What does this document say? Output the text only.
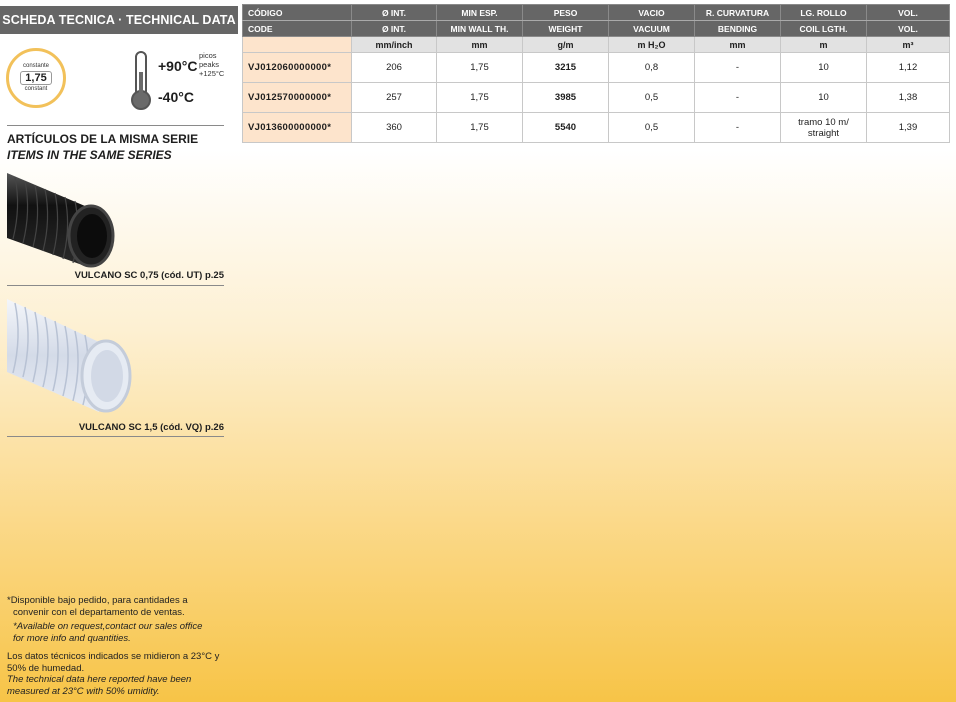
SCHEDA TECNICA · TECHNICAL DATA
constante
1,75
constant
+90°C
-40°C
picos
peaks
+125°C
ARTÍCULOS DE LA MISMA SERIE
ITEMS IN THE SAME SERIES
VULCANO SC 0,75 (cód. UT) p.25
VULCANO SC 1,5 (cód. VQ) p.26
*Disponible bajo pedido, para cantidades a
convenir con el departamento de ventas.
*Available on request,contact our sales office
for more info and quantities.
Los datos técnicos indicados se midieron a 23°C y
50% de humedad.
The technical data here reported have been
measured at 23°C with 50% umidity.
CÓDIGO	Ø INT.	MIN ESP.	PESO	VACIO	R. CURVATURA	LG. ROLLO	VOL.
CODE	Ø INT.	MIN WALL TH.	WEIGHT	VACUUM	BENDING	COIL LGTH.	VOL.
	mm/inch	mm	g/m	m H₂O	mm	m	m³
VJ012060000000*	206	1,75	3215	0,8	-	10	1,12
VJ012570000000*	257	1,75	3985	0,5	-	10	1,38
VJ013600000000*	360	1,75	5540	0,5	-	tramo 10 m/ straight	1,39
